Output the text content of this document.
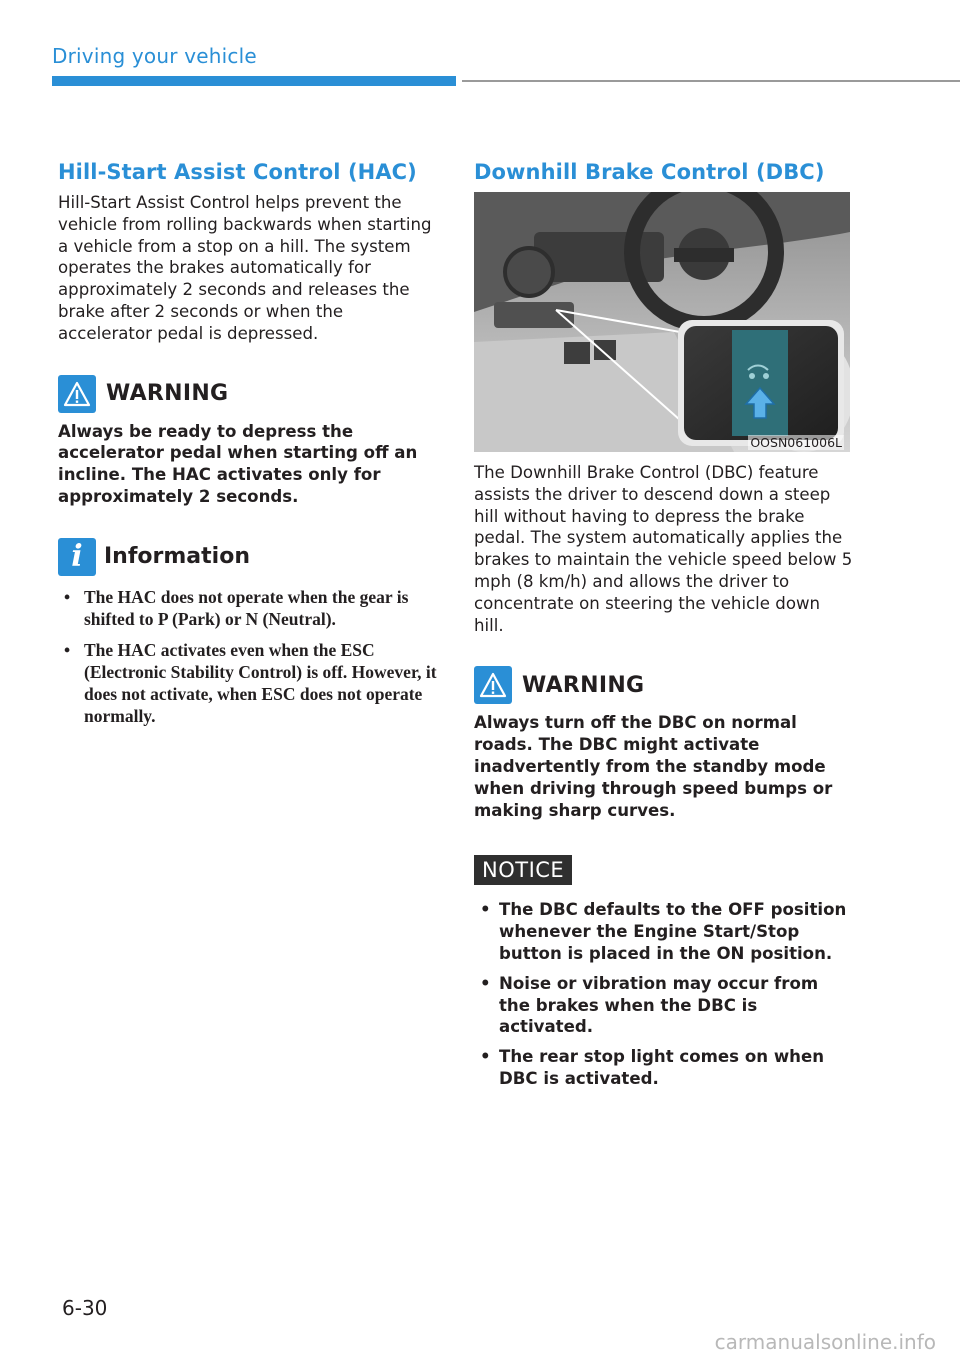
Driving your vehicle
Hill-Start Assist Control (HAC)

Hill-Start Assist Control helps prevent the vehicle from rolling backwards when starting a vehicle from a stop on a hill. The system operates the brakes automatically for approximately 2 seconds and releases the brake after 2 seconds or when the accelerator pedal is depressed.

WARNING

Always be ready to depress the accelerator pedal when starting off an incline. The HAC activates only for approximately 2 seconds.

i Information
• The HAC does not operate when the gear is shifted to P (Park) or N (Neutral).
• The HAC activates even when the ESC (Electronic Stability Control) is off. However, it does not activate, when ESC does not operate normally.
Downhill Brake Control (DBC)
OOSN061006L

The Downhill Brake Control (DBC) feature assists the driver to descend down a steep hill without having to depress the brake pedal. The system automatically applies the brakes to maintain the vehicle speed below 5 mph (8 km/h) and allows the driver to concentrate on steering the vehicle down hill.

WARNING

Always turn off the DBC on normal roads. The DBC might activate inadvertently from the standby mode when driving through speed bumps or making sharp curves.

NOTICE
• The DBC defaults to the OFF position whenever the Engine Start/Stop button is placed in the ON position.
• Noise or vibration may occur from the brakes when the DBC is activated.
• The rear stop light comes on when DBC is activated.
6-30
carmanualsonline.info
